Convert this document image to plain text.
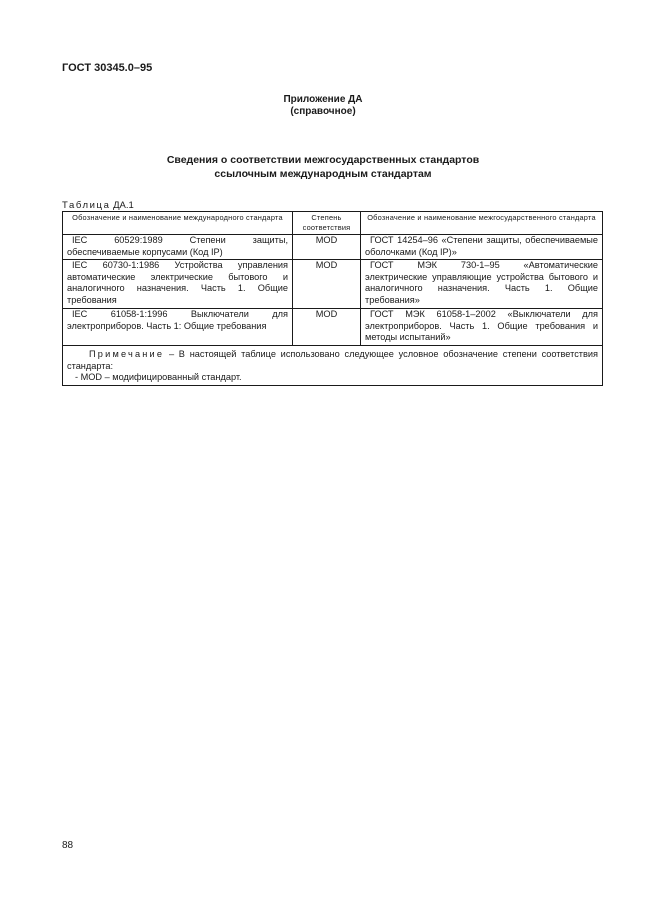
ГОСТ 30345.0–95
Приложение ДА
(справочное)
Сведения о соответствии межгосударственных стандартов
ссылочным международным стандартам
Таблица ДА.1
Обозначение и наименование международного стандарта	Степень соответствия	Обозначение и наименование межгосударственного стандарта
IEC 60529:1989 Степени защиты, обеспечиваемые корпусами (Код IP)	MOD	ГОСТ 14254–96 «Степени защиты, обеспечиваемые оболочками (Код IP)»
IEC 60730-1:1986 Устройства управления автоматические электрические бытового и аналогичного назначения. Часть 1. Общие требования	MOD	ГОСТ МЭК 730-1–95 «Автоматические электрические управляющие устройства бытового и аналогичного назначения. Часть 1. Общие требования»
IEC 61058-1:1996 Выключатели для электроприборов. Часть 1: Общие требования	MOD	ГОСТ МЭК 61058-1–2002 «Выключатели для электроприборов. Часть 1. Общие требования и методы испытаний»

Примечание – В настоящей таблице использовано следующее условное обозначение степени соответствия стандарта:
- MOD – модифицированный стандарт.		
88
